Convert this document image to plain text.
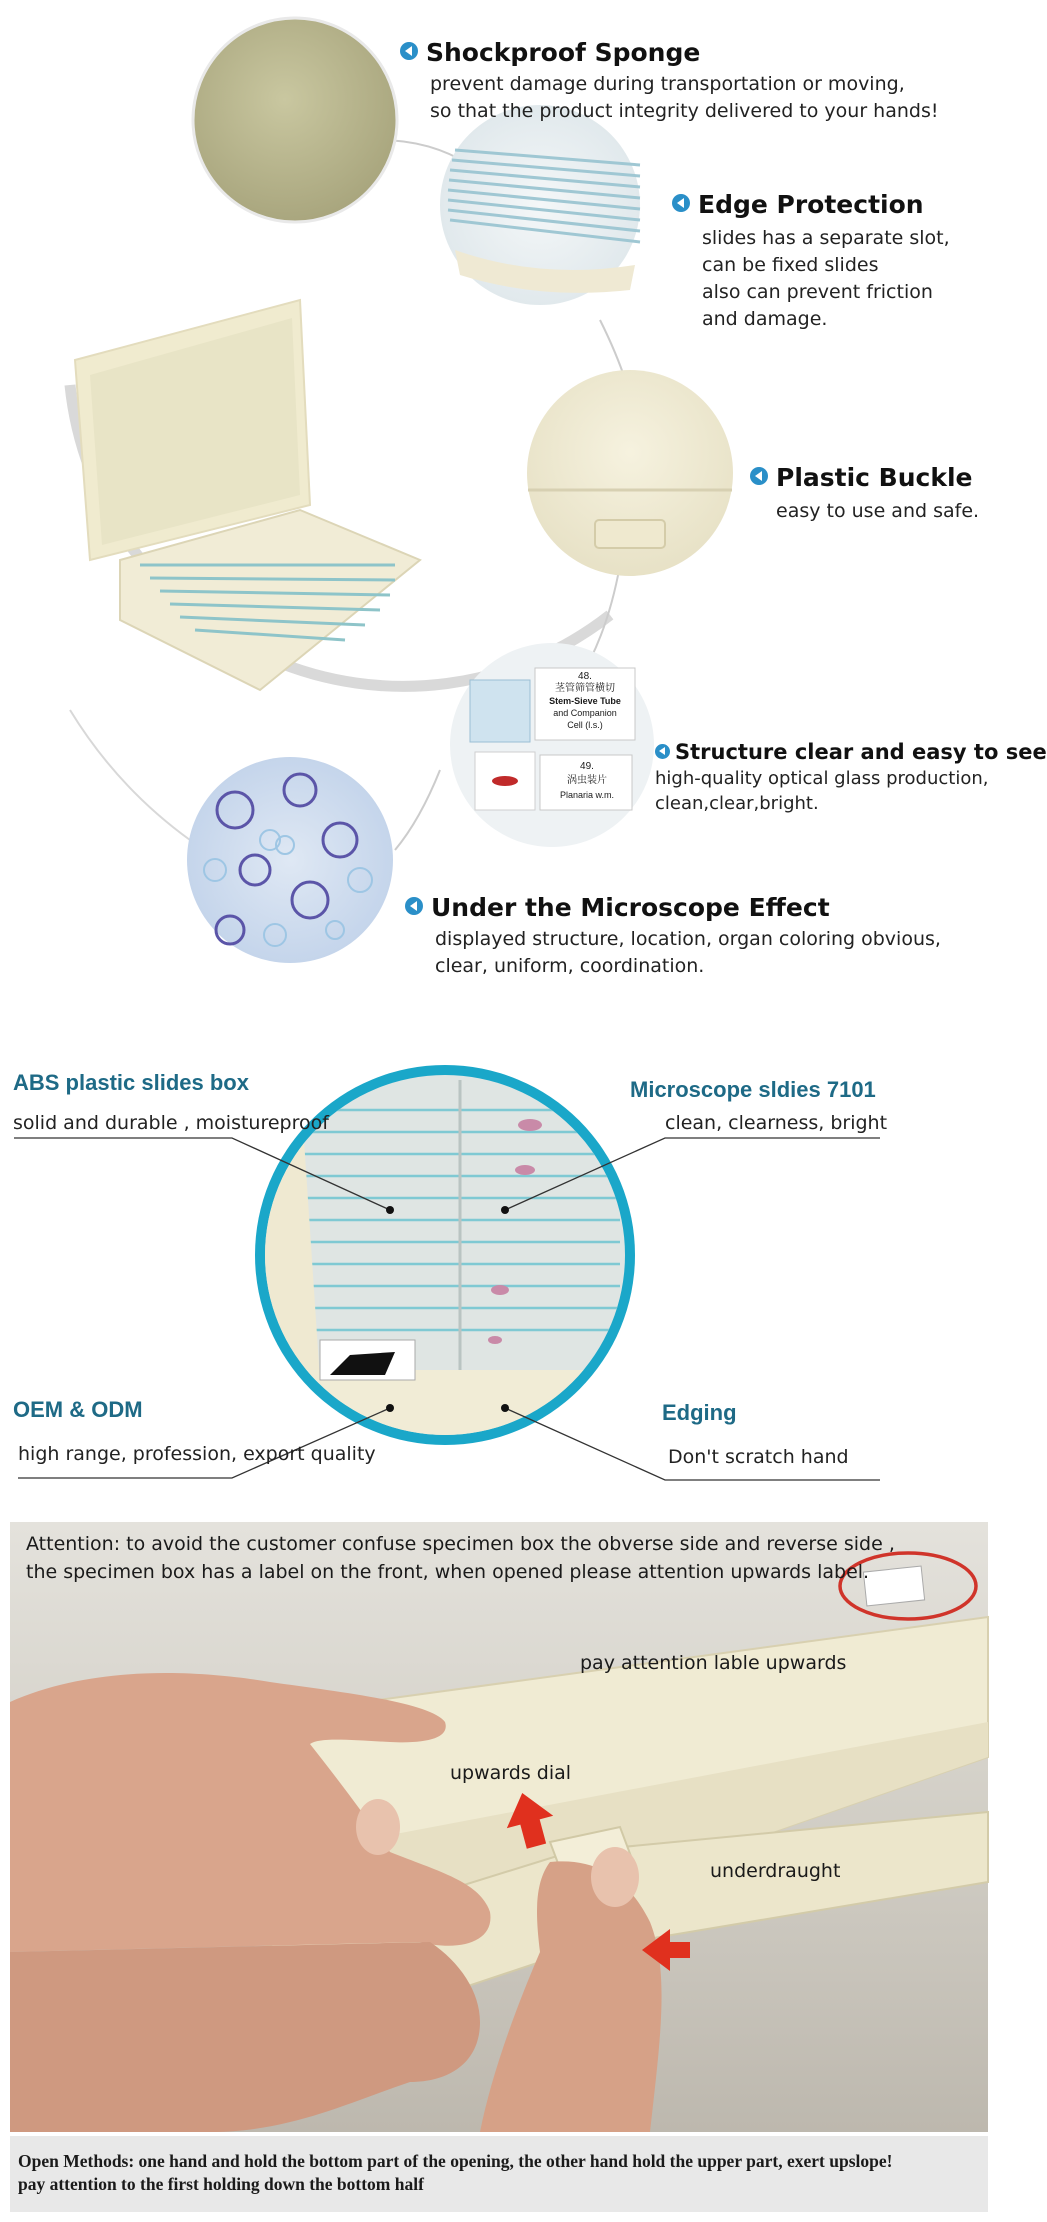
48.
茎管筛管横切
Stem-Sieve Tube
and Companion
Cell (l.s.)
49.
涡虫装片
Planaria w.m.
Shockproof Sponge
prevent damage during transportation or moving,
so that the product integrity delivered to your hands!
Edge Protection
slides has a separate slot,
can be fixed slides
also can prevent friction
and damage.
Plastic Buckle
easy to use and safe.
Structure clear and easy to see
high-quality optical glass production,
clean,clear,bright.
Under the Microscope Effect
displayed structure, location, organ coloring obvious,
clear, uniform, coordination.
ABS plastic slides box
solid and durable , moistureproof
Microscope sldies 7101
clean, clearness, bright
OEM & ODM
high range, profession, export quality
Edging
Don't scratch hand
Attention: to avoid the customer confuse specimen box the obverse side and reverse side ,
the specimen box has a label on the front, when opened please attention upwards label.
pay attention lable upwards
upwards dial
underdraught
Open Methods: one hand and hold the bottom part of the opening, the other hand hold the upper part, exert upslope!
pay attention to the first holding down the bottom half
